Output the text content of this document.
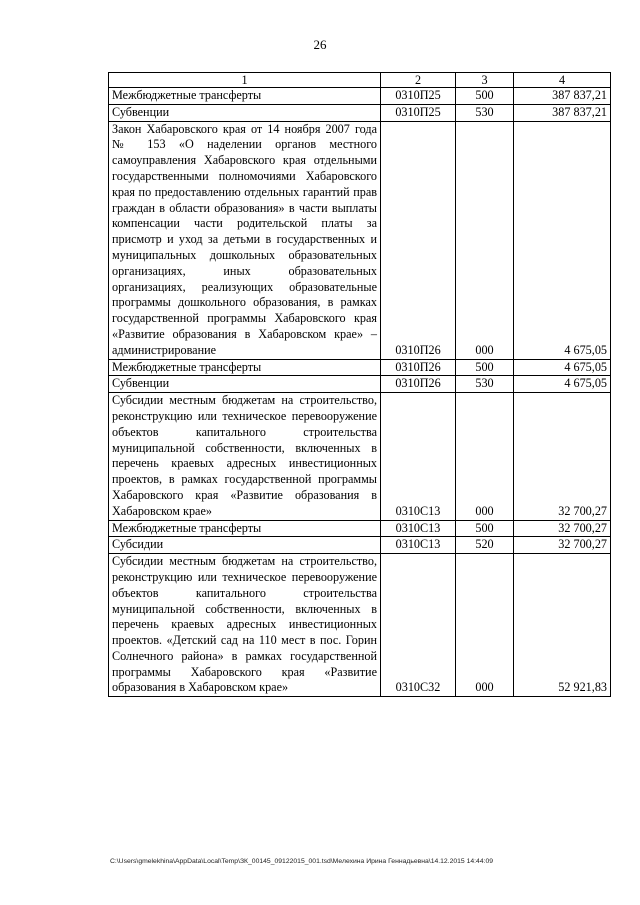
26
1	2	3	4
Межбюджетные трансферты	0310П25	500	387 837,21
Субвенции	0310П25	530	387 837,21
Закон Хабаровского края от 14 ноября 2007 года № 153 «О наделении органов местного самоуправления Хабаровского края отдельными государственными полномочиями Хабаровского края по предоставлению отдельных гарантий прав граждан в области образования» в части выплаты компенсации части родительской платы за присмотр и уход за детьми в государственных и муниципальных дошкольных образовательных организациях, иных образовательных организациях, реализующих образовательные программы дошкольного образования, в рамках государственной программы Хабаровского края «Развитие образования в Хабаровском крае» – администрирование	0310П26	000	4 675,05
Межбюджетные трансферты	0310П26	500	4 675,05
Субвенции	0310П26	530	4 675,05
Субсидии местным бюджетам на строительство, реконструкцию или техническое перевооружение объектов капитального строительства муниципальной собственности, включенных в перечень краевых адресных инвестиционных проектов, в рамках государственной программы Хабаровского края «Развитие образования в Хабаровском крае»	0310С13	000	32 700,27
Межбюджетные трансферты	0310С13	500	32 700,27
Субсидии	0310С13	520	32 700,27
Субсидии местным бюджетам на строительство, реконструкцию или техническое перевооружение объектов капитального строительства муниципальной собственности, включенных в перечень краевых адресных инвестиционных проектов. «Детский сад на 110 мест в пос. Горин Солнечного района» в рамках государственной программы Хабаровского края «Развитие образования в Хабаровском крае»	0310С32	000	52 921,83
C:\Users\gmelekhina\AppData\Local\Temp\ЗК_00145_09122015_001.tsd\Мелехина Ирина Геннадьевна\14.12.2015 14:44:09
